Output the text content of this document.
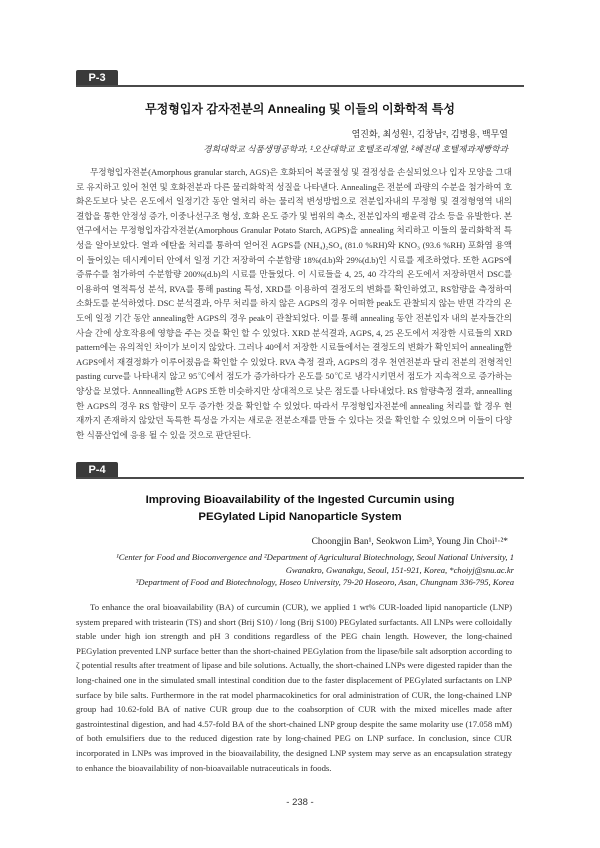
P-3
무정형입자 감자전분의 Annealing 및 이들의 이화학적 특성
염진화, 최성원¹, 김창남², 김병용, 백무열
경희대학교 식품생명공학과, ¹오산대학교 호텔조리계열, ²혜전대 호텔제과제빵학과

무정형입자전분(Amorphous granular starch, AGS)은 호화되어 복굴절성 및 결정성을 손실되었으나 입자 모양을 그대로 유지하고 있어 천연 및 호화전분과 다른 물리화학적 성질을 나타낸다. Annealing은 전분에 과량의 수분을 첨가하여 호화온도보다 낮은 온도에서 일정기간 동안 열처리 하는 물리적 변성방법으로 전분입자내의 무정형 및 결정형영역 내의 결합을 통한 안정성 증가, 이중나선구조 형성, 호화 온도 증가 및 범위의 축소, 전분입자의 팽윤력 감소 등을 유발한다. 본 연구에서는 무정형입자감자전분(Amorphous Granular Potato Starch, AGPS)을 annealing 처리하고 이들의 물리화학적 특성을 알아보았다. 열과 에탄올 처리를 통하여 얻어진 AGPS를 (NH₄)₂SO₄ (81.0 %RH)와 KNO₃ (93.6 %RH) 포화염 용액이 들어있는 데시케이터 안에서 일정 기간 저장하여 수분함량 18%(d.b)와 29%(d.b)인 시료를 제조하였다. 또한 AGPS에 증류수를 첨가하여 수분함량 200%(d.b)의 시료를 만들었다. 이 시료들을 4, 25, 40 각각의 온도에서 저장하면서 DSC를 이용하여 열적특성 분석, RVA를 통해 pasting 특성, XRD를 이용하여 결정도의 변화를 확인하였고, RS함량을 측정하여 소화도를 분석하였다. DSC 분석결과, 아무 처리를 하지 않은 AGPS의 경우 어떠한 peak도 관찰되지 않는 반면 각각의 온도에 일정 기간 동안 annealing한 AGPS의 경우 peak이 관찰되었다. 이를 통해 annealing 동안 전분입자 내의 분자들간의 사슬 간에 상호작용에 영향을 주는 것을 확인 할 수 있었다. XRD 분석결과, AGPS, 4, 25 온도에서 저장한 시료들의 XRD pattern에는 유의적인 차이가 보이지 않았다. 그러나 40에서 저장한 시료들에서는 결정도의 변화가 확인되어 annealing한 AGPS에서 재결정화가 이루어졌음을 확인할 수 있었다. RVA 측정 결과, AGPS의 경우 천연전분과 달리 전분의 전형적인 pasting curve를 나타내지 않고 95℃에서 점도가 증가하다가 온도를 50℃로 냉각시키면서 점도가 지속적으로 증가하는 양상을 보였다. Annnealling한 AGPS 또한 비슷하지만 상대적으로 낮은 점도를 나타내었다. RS 함량측정 결과, annealling한 AGPS의 경우 RS 함량이 모두 증가한 것을 확인할 수 있었다. 따라서 무정형입자전분에 annealing 처리를 할 경우 현재까지 존재하지 않았던 독특한 특성을 가지는 새로운 전분소재를 만들 수 있다는 것을 확인할 수 있었으며 이들이 다양한 식품산업에 응용 될 수 있을 것으로 판단된다.

P-4
Improving Bioavailability of the Ingested Curcumin using
PEGylated Lipid Nanoparticle System
Choongjin Ban¹, Seokwon Lim³, Young Jin Choi¹·²*
¹Center for Food and Bioconvergence and ²Department of Agricultural Biotechnology, Seoul National University, 1
Gwanakro, Gwanakgu, Seoul, 151-921, Korea, *choiyj@snu.ac.kr
³Department of Food and Biotechnology, Hoseo University, 79-20 Hoseoro, Asan, Chungnam 336-795, Korea

To enhance the oral bioavailability (BA) of curcumin (CUR), we applied 1 wt% CUR-loaded lipid nanoparticle (LNP) system prepared with tristearin (TS) and short (Brij S10) / long (Brij S100) PEGylated surfactants. All LNPs were colloidally stable under high ion strength and pH 3 conditions regardless of the PEG chain length. However, the long-chained PEGylation prevented LNP surface better than the short-chained PEGylation from the lipase/bile salt adsorption according to ζ potential results after treatment of lipase and bile solutions. Actually, the short-chained LNPs were digested rapider than the long-chained one in the simulated small intestinal condition due to the faster displacement of PEGylated surfactants on LNP surface by bile salts. Furthermore in the rat model pharmacokinetics for oral administration of CUR, the long-chained LNP group had 10.62-fold BA of native CUR group due to the coabsorption of CUR with the mixed micelles made after gastrointestinal digestion, and had 4.57-fold BA of the short-chained LNP group despite the same molarity use (17.058 mM) of both emulsifiers due to the reduced digestion rate by long-chained PEG on LNP surface. In conclusion, since CUR incorporated in LNPs was improved in the bioavailability, the designed LNP system may serve as an encapsulation strategy to enhance the bioavailability of non-bioavailable nutraceuticals in foods.

- 238 -
